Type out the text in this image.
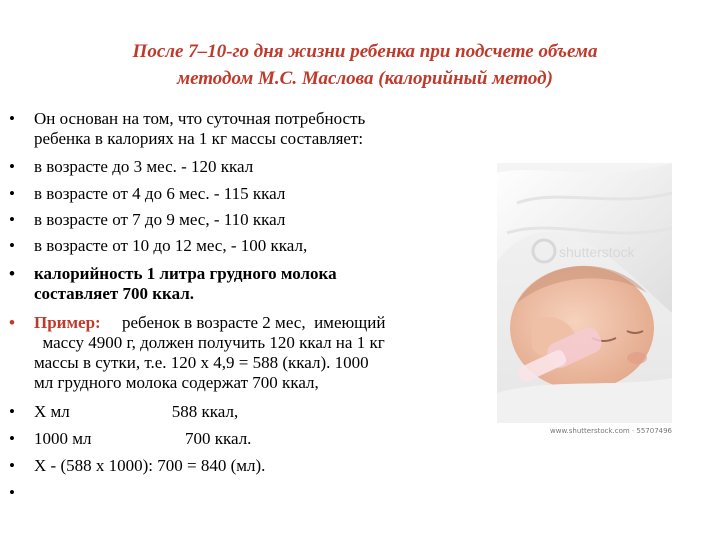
После 7–10-го дня жизни ребенка при подсчете объема
методом М.С. Маслова (калорийный метод)
•	Он основан на том, что суточная потребность
ребенка в калориях на 1 кг массы составляет:
•	в возрасте до 3 мес. - 120 ккал
•	в возрасте от 4 до 6 мес. - 115 ккал
•	в возрасте от 7 до 9 мес, - 110 ккал
•	в возрасте от 10 до 12 мес, - 100 ккал,
•	калорийность 1 литра грудного молока
составляет 700 ккал.
•	Пример:     ребенок в возрасте 2 мес,  имеющий
массу 4900 г, должен получить 120 ккал на 1 кг
массы в сутки, т.е. 120 х 4,9 = 588 (ккал). 1000
мл грудного молока содержат 700 ккал,
•	Х мл                        588 ккал,
•	1000 мл                      700 ккал.
•	Х - (588 х 1000): 700 = 840 (мл).
•
shutterstock
www.shutterstock.com · 55707496
